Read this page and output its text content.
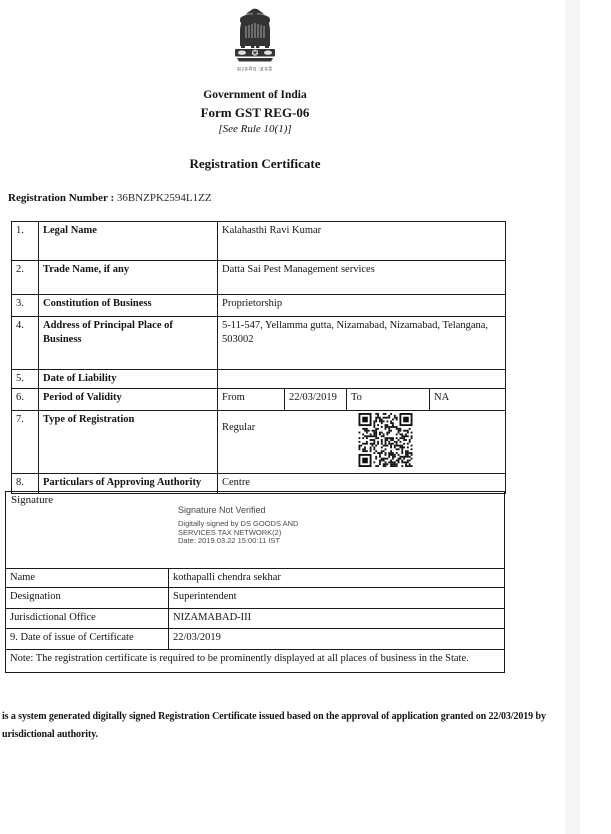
सत्यमेव जयते
Government of India
Form GST REG-06
[See Rule 10(1)]
Registration Certificate
Registration Number : 36BNZPK2594L1ZZ
1.	Legal Name	Kalahasthi Ravi Kumar
2.	Trade Name, if any	Datta Sai Pest Management services
3.	Constitution of Business	Proprietorship
4.	Address of Principal Place of Business	5-11-547, Yellamma gutta, Nizamabad, Nizamabad, Telangana, 503002
5.	Date of Liability	
6.	Period of Validity	From 22/03/2019 To NA

7.	Type of Registration	Regular

8.	Particulars of Approving Authority	Centre
Signature
Signature Not Verified
Digitally signed by DS GOODS AND
SERVICES TAX NETWORK(2)
Date: 2019.03.22 15:00:11 IST
Name	kothapalli chendra sekhar
Designation	Superintendent
Jurisdictional Office	NIZAMABAD-III
9. Date of issue of Certificate	22/03/2019
Note: The registration certificate is required to be prominently displayed at all places of business in the State.	
is a system generated digitally signed Registration Certificate issued based on the approval of application granted on 22/03/2019 by
urisdictional authority.
